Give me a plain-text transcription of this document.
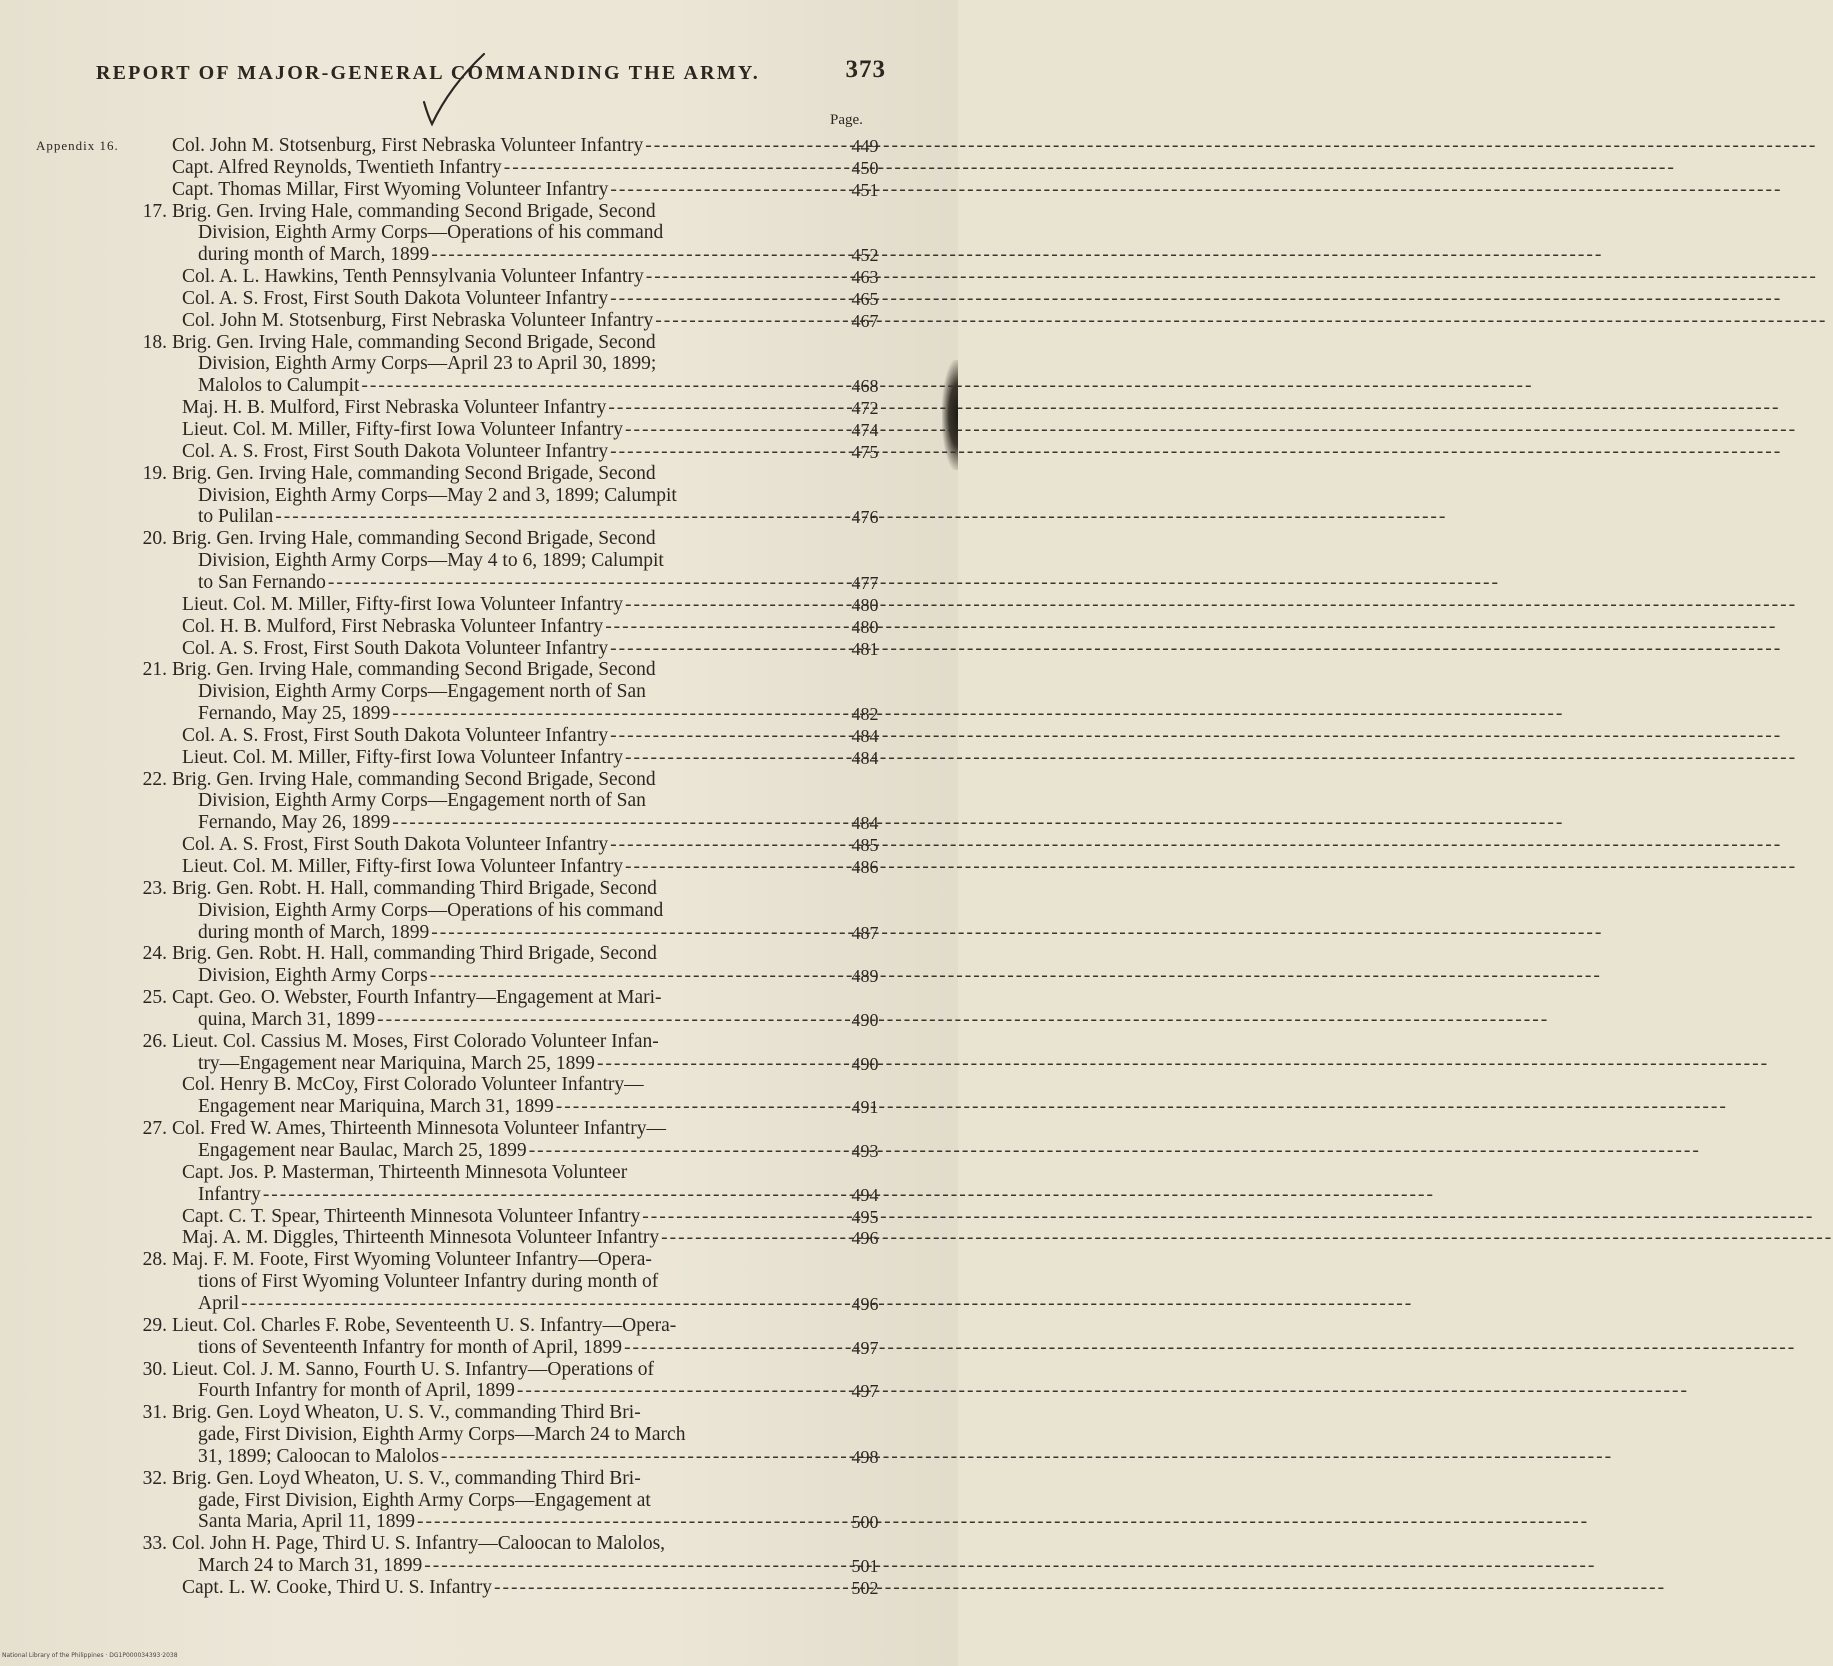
REPORT OF MAJOR-GENERAL COMMANDING THE ARMY.	373
Page.
Appendix 16.	Col. John M. Stotsenburg, First Nebraska Volunteer Infantry -----	449
Capt. Alfred Reynolds, Twentieth Infantry -----	450
Capt. Thomas Millar, First Wyoming Volunteer Infantry -----	451
17. Brig. Gen. Irving Hale, commanding Second Brigade, Second
Division, Eighth Army Corps—Operations of his command
during month of March, 1899 -----	452
Col. A. L. Hawkins, Tenth Pennsylvania Volunteer Infantry -----	463
Col. A. S. Frost, First South Dakota Volunteer Infantry -----	465
Col. John M. Stotsenburg, First Nebraska Volunteer Infantry -----	467
18. Brig. Gen. Irving Hale, commanding Second Brigade, Second
Division, Eighth Army Corps—April 23 to April 30, 1899;
Malolos to Calumpit -----	468
Maj. H. B. Mulford, First Nebraska Volunteer Infantry -----	472
Lieut. Col. M. Miller, Fifty-first Iowa Volunteer Infantry -----	474
Col. A. S. Frost, First South Dakota Volunteer Infantry -----	475
19. Brig. Gen. Irving Hale, commanding Second Brigade, Second
Division, Eighth Army Corps—May 2 and 3, 1899; Calumpit
to Pulilan -----	476
20. Brig. Gen. Irving Hale, commanding Second Brigade, Second
Division, Eighth Army Corps—May 4 to 6, 1899; Calumpit
to San Fernando -----	477
Lieut. Col. M. Miller, Fifty-first Iowa Volunteer Infantry -----	480
Col. H. B. Mulford, First Nebraska Volunteer Infantry -----	480
Col. A. S. Frost, First South Dakota Volunteer Infantry -----	481
21. Brig. Gen. Irving Hale, commanding Second Brigade, Second
Division, Eighth Army Corps—Engagement north of San
Fernando, May 25, 1899 -----	482
Col. A. S. Frost, First South Dakota Volunteer Infantry -----	484
Lieut. Col. M. Miller, Fifty-first Iowa Volunteer Infantry -----	484
22. Brig. Gen. Irving Hale, commanding Second Brigade, Second
Division, Eighth Army Corps—Engagement north of San
Fernando, May 26, 1899 -----	484
Col. A. S. Frost, First South Dakota Volunteer Infantry -----	485
Lieut. Col. M. Miller, Fifty-first Iowa Volunteer Infantry -----	486
23. Brig. Gen. Robt. H. Hall, commanding Third Brigade, Second
Division, Eighth Army Corps—Operations of his command
during month of March, 1899 -----	487
24. Brig. Gen. Robt. H. Hall, commanding Third Brigade, Second
Division, Eighth Army Corps -----	489
25. Capt. Geo. O. Webster, Fourth Infantry—Engagement at Mari-
quina, March 31, 1899 -----	490
26. Lieut. Col. Cassius M. Moses, First Colorado Volunteer Infan-
try—Engagement near Mariquina, March 25, 1899 -----	490
Col. Henry B. McCoy, First Colorado Volunteer Infantry—
Engagement near Mariquina, March 31, 1899 -----	491
27. Col. Fred W. Ames, Thirteenth Minnesota Volunteer Infantry—
Engagement near Baulac, March 25, 1899 -----	493
Capt. Jos. P. Masterman, Thirteenth Minnesota Volunteer
Infantry -----	494
Capt. C. T. Spear, Thirteenth Minnesota Volunteer Infantry -----	495
Maj. A. M. Diggles, Thirteenth Minnesota Volunteer Infantry -----	496
28. Maj. F. M. Foote, First Wyoming Volunteer Infantry—Opera-
tions of First Wyoming Volunteer Infantry during month of
April -----	496
29. Lieut. Col. Charles F. Robe, Seventeenth U. S. Infantry—Opera-
tions of Seventeenth Infantry for month of April, 1899 -----	497
30. Lieut. Col. J. M. Sanno, Fourth U. S. Infantry—Operations of
Fourth Infantry for month of April, 1899 -----	497
31. Brig. Gen. Loyd Wheaton, U. S. V., commanding Third Bri-
gade, First Division, Eighth Army Corps—March 24 to March
31, 1899; Caloocan to Malolos -----	498
32. Brig. Gen. Loyd Wheaton, U. S. V., commanding Third Bri-
gade, First Division, Eighth Army Corps—Engagement at
Santa Maria, April 11, 1899 -----	500
33. Col. John H. Page, Third U. S. Infantry—Caloocan to Malolos,
March 24 to March 31, 1899 -----	501
Capt. L. W. Cooke, Third U. S. Infantry -----	502
National Library of the Philippines · DG1P000034393·2038
